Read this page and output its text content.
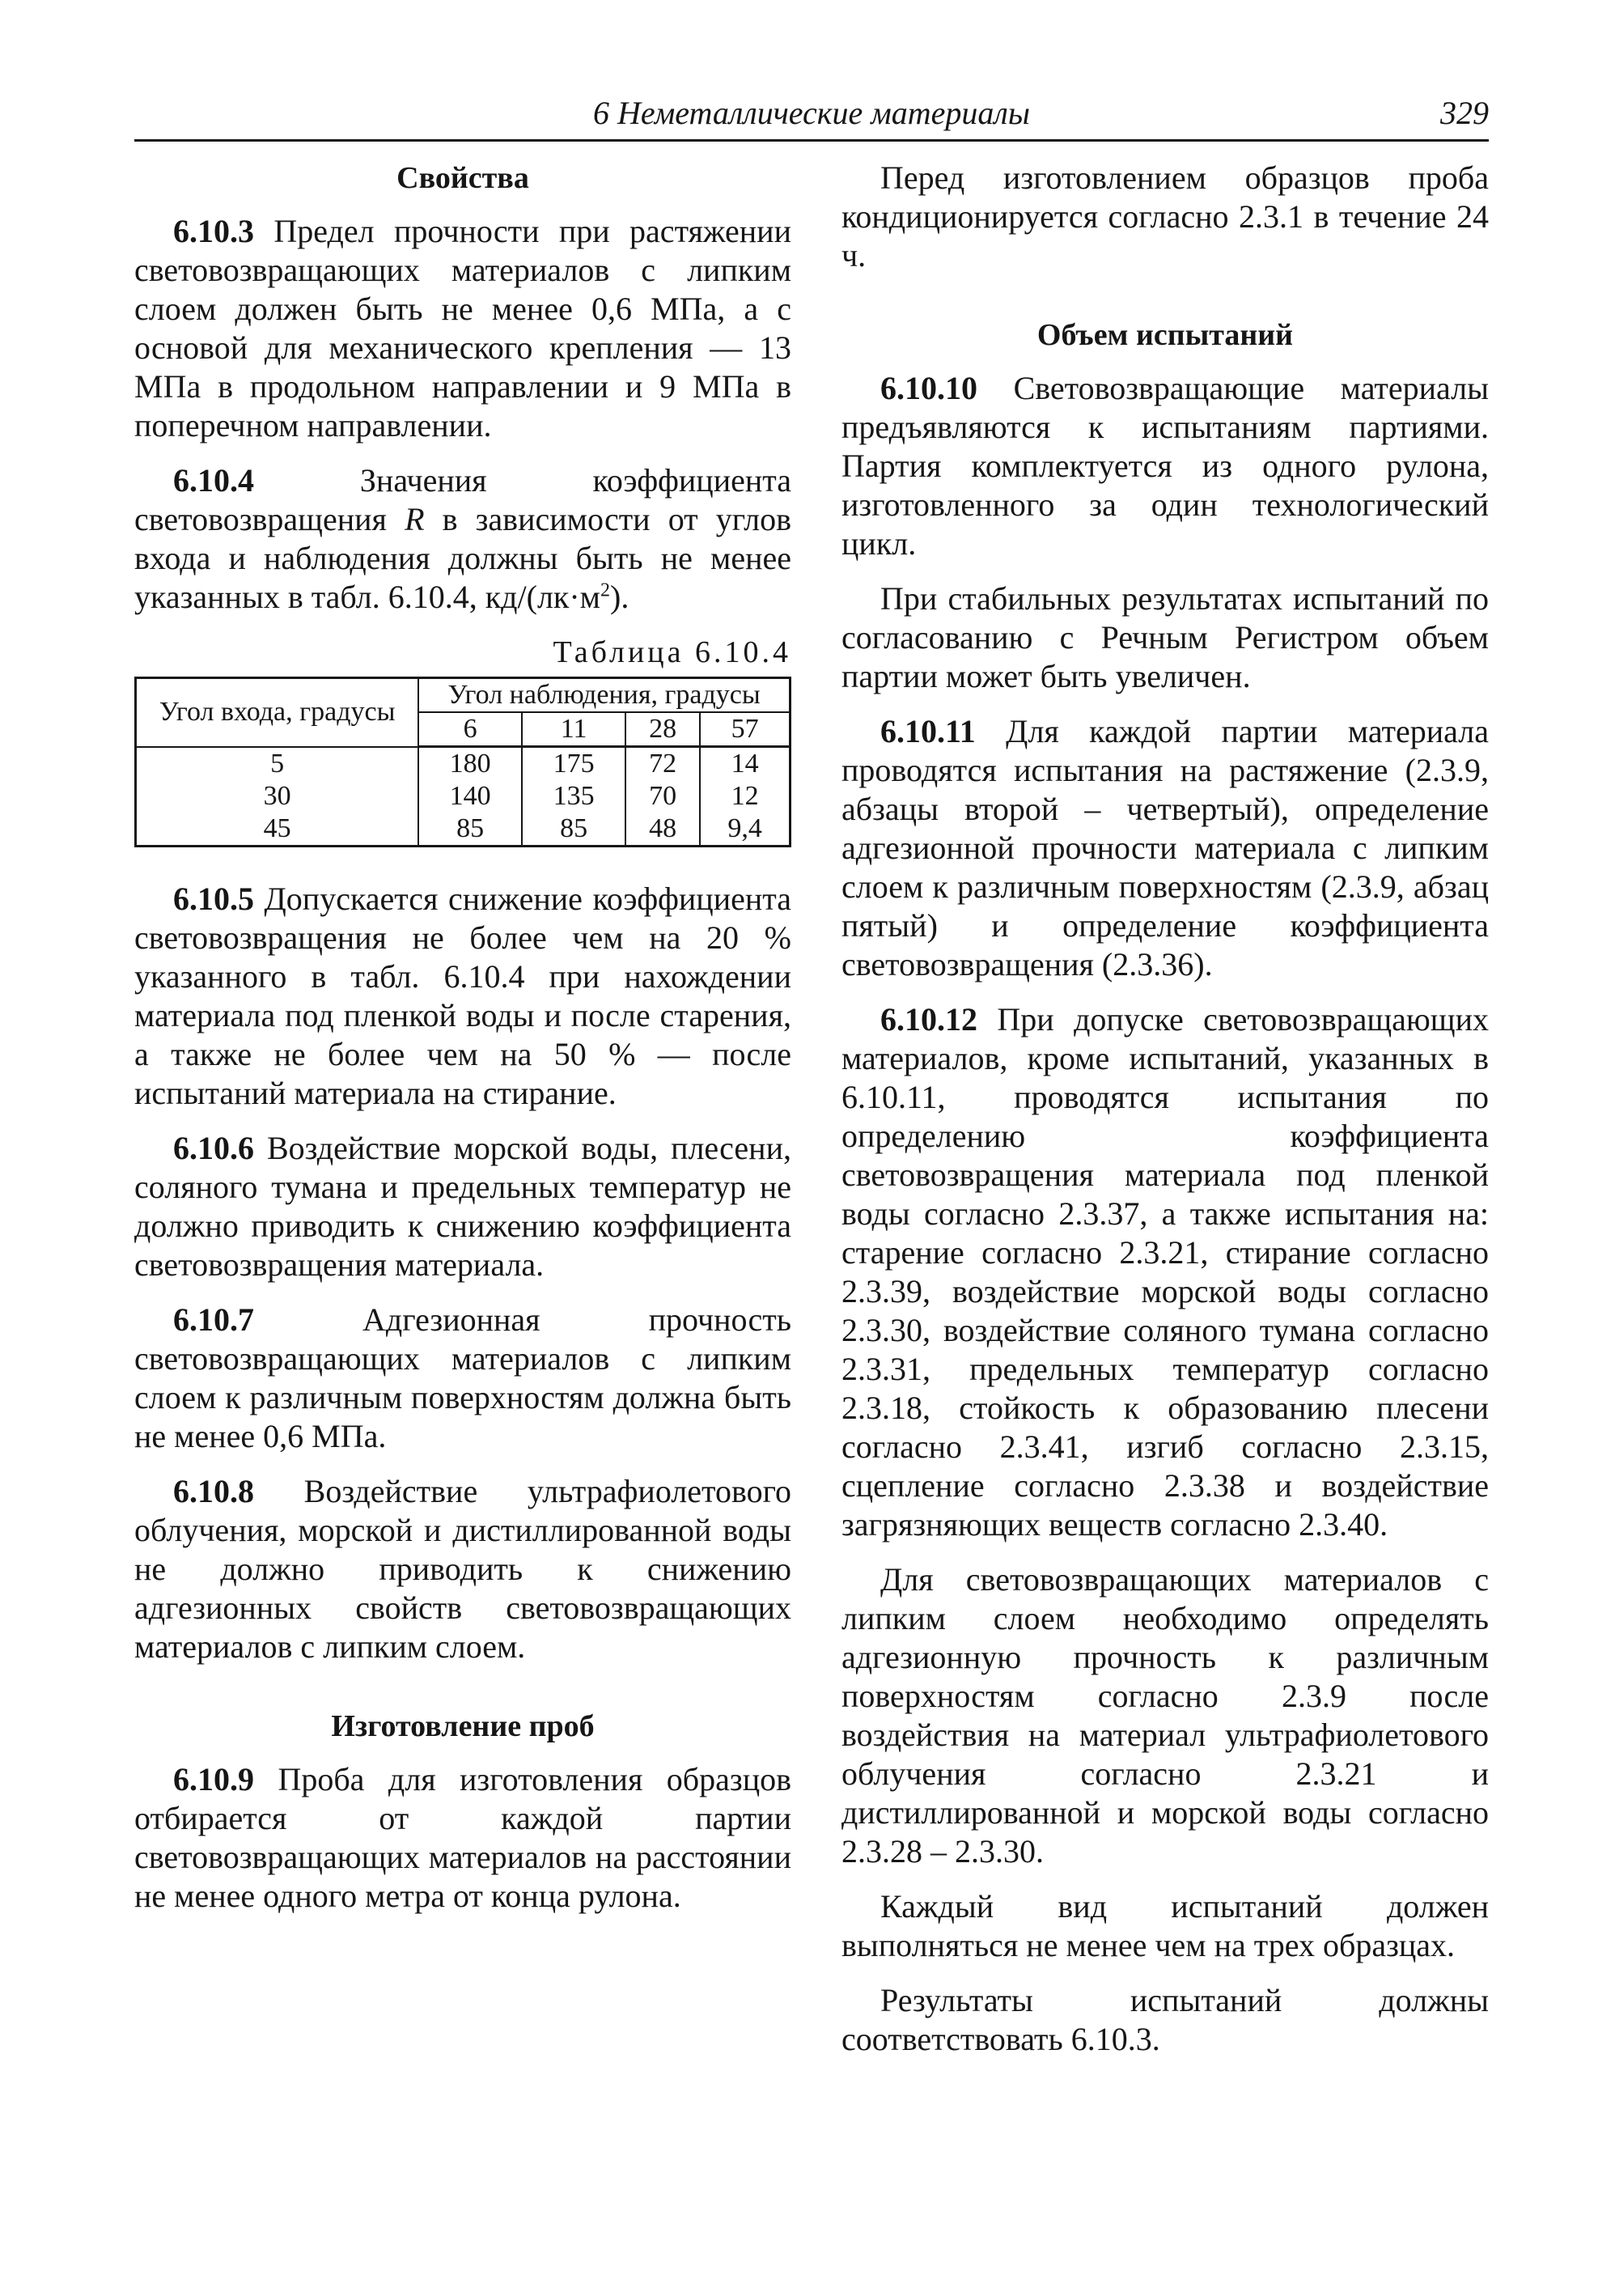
6 Неметаллические материалы	329
Свойства

6.10.3 Предел прочности при растяжении световозвращающих материалов с липким слоем должен быть не менее 0,6 МПа, а с основой для механического крепления — 13 МПа в продольном направлении и 9 МПа в поперечном направлении.

6.10.4 Значения коэффициента световозвращения R в зависимости от углов входа и наблюдения должны быть не менее указанных в табл. 6.10.4, $кд/(лк\cdot м^2)$.

Таблица 6.10.4
Угол входа, градусы	Угол наблюдения, градусы			
	6	11	28	57
5	180	175	72	14
30	140	135	70	12
45	85	85	48	9,4

6.10.5 Допускается снижение коэффициента световозвращения не более чем на 20 % указанного в табл. 6.10.4 при нахождении материала под пленкой воды и после старения, а также не более чем на 50 % — после испытаний материала на стирание.

6.10.6 Воздействие морской воды, плесени, соляного тумана и предельных температур не должно приводить к снижению коэффициента световозвращения материала.

6.10.7 Адгезионная прочность световозвращающих материалов с липким слоем к различным поверхностям должна быть не менее 0,6 МПа.

6.10.8 Воздействие ультрафиолетового облучения, морской и дистиллированной воды не должно приводить к снижению адгезионных свойств световозвращающих материалов с липким слоем.

Изготовление проб

6.10.9 Проба для изготовления образцов отбирается от каждой партии световозвращающих материалов на расстоянии не менее одного метра от конца рулона.

Перед изготовлением образцов проба кондиционируется согласно 2.3.1 в течение 24 ч.

Объем испытаний

6.10.10 Световозвращающие материалы предъявляются к испытаниям партиями. Партия комплектуется из одного рулона, изготовленного за один технологический цикл.

При стабильных результатах испытаний по согласованию с Речным Регистром объем партии может быть увеличен.

6.10.11 Для каждой партии материала проводятся испытания на растяжение (2.3.9, абзацы второй – четвертый), определение адгезионной прочности материала с липким слоем к различным поверхностям (2.3.9, абзац пятый) и определение коэффициента световозвращения (2.3.36).

6.10.12 При допуске световозвращающих материалов, кроме испытаний, указанных в 6.10.11, проводятся испытания по определению коэффициента световозвращения материала под пленкой воды согласно 2.3.37, а также испытания на: старение согласно 2.3.21, стирание согласно 2.3.39, воздействие морской воды согласно 2.3.30, воздействие соляного тумана согласно 2.3.31, предельных температур согласно 2.3.18, стойкость к образованию плесени согласно 2.3.41, изгиб согласно 2.3.15, сцепление согласно 2.3.38 и воздействие загрязняющих веществ согласно 2.3.40.

Для световозвращающих материалов с липким слоем необходимо определять адгезионную прочность к различным поверхностям согласно 2.3.9 после воздействия на материал ультрафиолетового облучения согласно 2.3.21 и дистиллированной и морской воды согласно 2.3.28 – 2.3.30.

Каждый вид испытаний должен выполняться не менее чем на трех образцах.

Результаты испытаний должны соответствовать 6.10.3.
